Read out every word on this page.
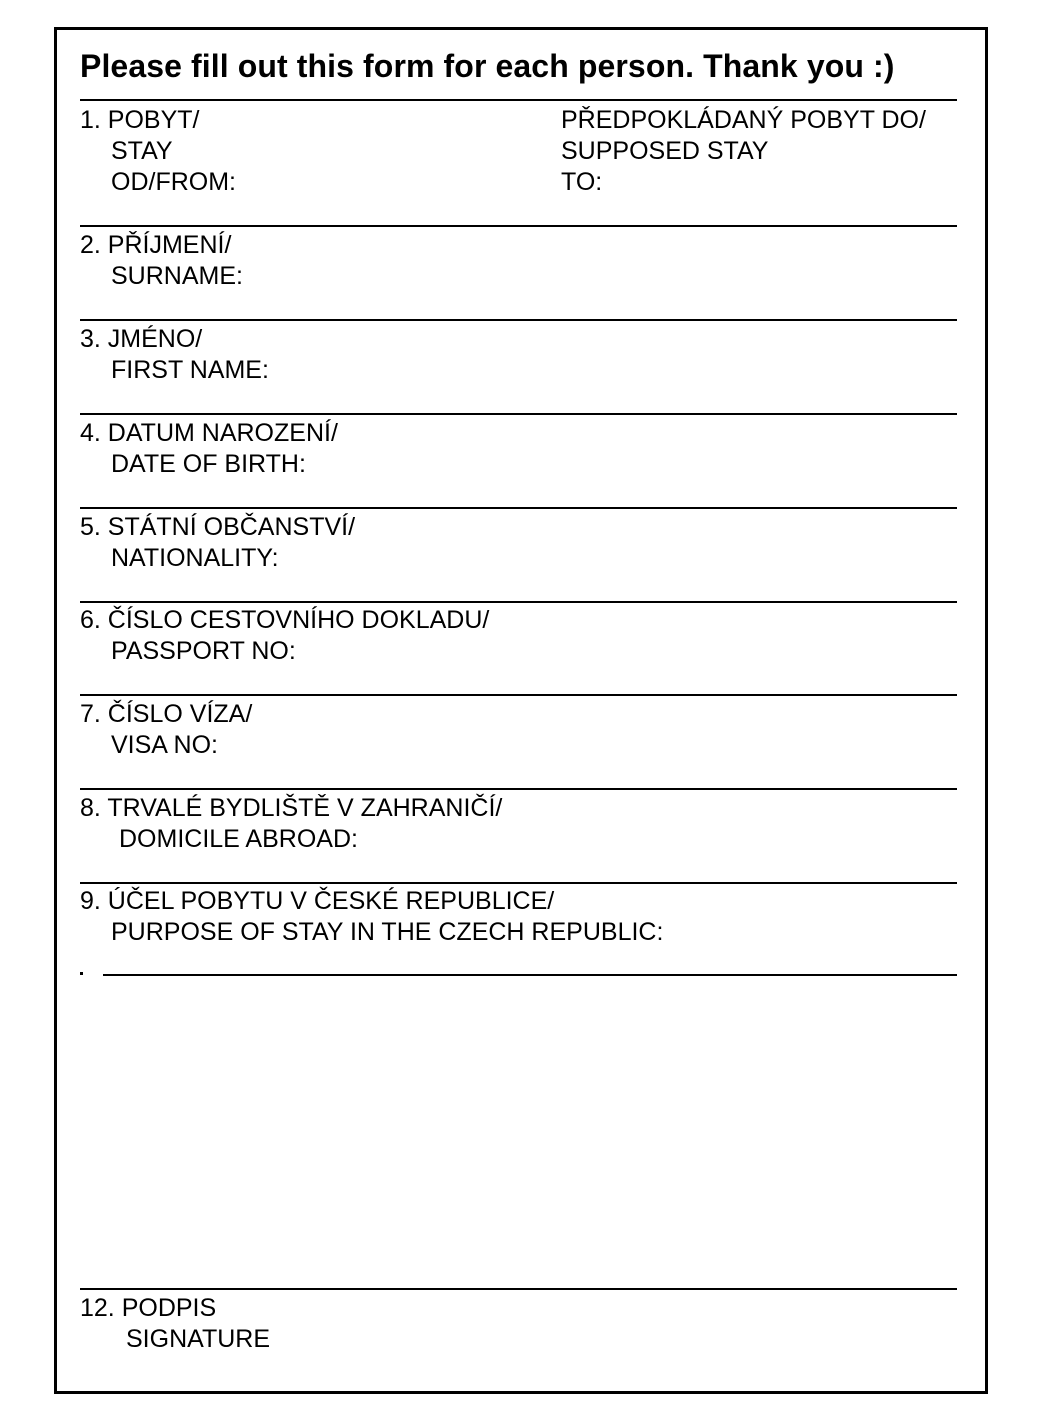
Please fill out this form for each person. Thank you :)
1. POBYT/
STAY
OD/FROM:
PŘEDPOKLÁDANÝ POBYT DO/
SUPPOSED STAY
TO:
2. PŘÍJMENÍ/
SURNAME:
3. JMÉNO/
FIRST NAME:
4. DATUM NAROZENÍ/
DATE OF BIRTH:
5. STÁTNÍ OBČANSTVÍ/
NATIONALITY:
6. ČÍSLO CESTOVNÍHO DOKLADU/
PASSPORT NO:
7. ČÍSLO VÍZA/
VISA NO:
8. TRVALÉ BYDLIŠTĚ V ZAHRANIČÍ/
DOMICILE ABROAD:
9. ÚČEL POBYTU V ČESKÉ REPUBLICE/
PURPOSE OF STAY IN THE CZECH REPUBLIC:
12. PODPIS
SIGNATURE
